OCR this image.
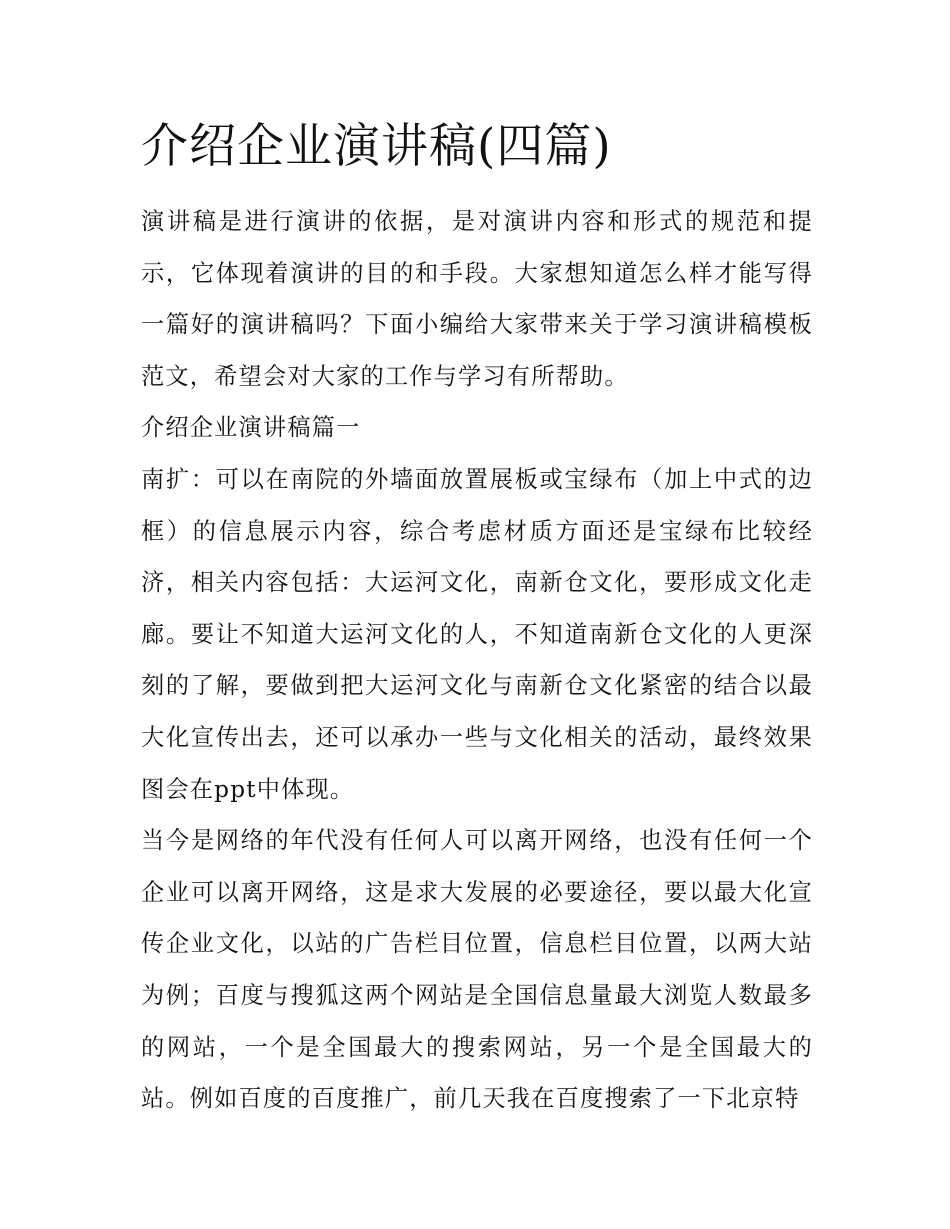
介绍企业演讲稿(四篇)

演讲稿是进行演讲的依据，是对演讲内容和形式的规范和提示，它体现着演讲的目的和手段。大家想知道怎么样才能写得一篇好的演讲稿吗？下面小编给大家带来关于学习演讲稿模板范文，希望会对大家的工作与学习有所帮助。

介绍企业演讲稿篇一

南扩：可以在南院的外墙面放置展板或宝绿布（加上中式的边框）的信息展示内容，综合考虑材质方面还是宝绿布比较经济，相关内容包括：大运河文化，南新仓文化，要形成文化走廊。要让不知道大运河文化的人，不知道南新仓文化的人更深刻的了解，要做到把大运河文化与南新仓文化紧密的结合以最大化宣传出去，还可以承办一些与文化相关的活动，最终效果图会在ppt中体现。

当今是网络的年代没有任何人可以离开网络，也没有任何一个企业可以离开网络，这是求大发展的必要途径，要以最大化宣传企业文化，以站的广告栏目位置，信息栏目位置，以两大站为例；百度与搜狐这两个网站是全国信息量最大浏览人数最多的网站，一个是全国最大的搜索网站，另一个是全国最大的站。例如百度的百度推广，前几天我在百度搜索了一下北京特
